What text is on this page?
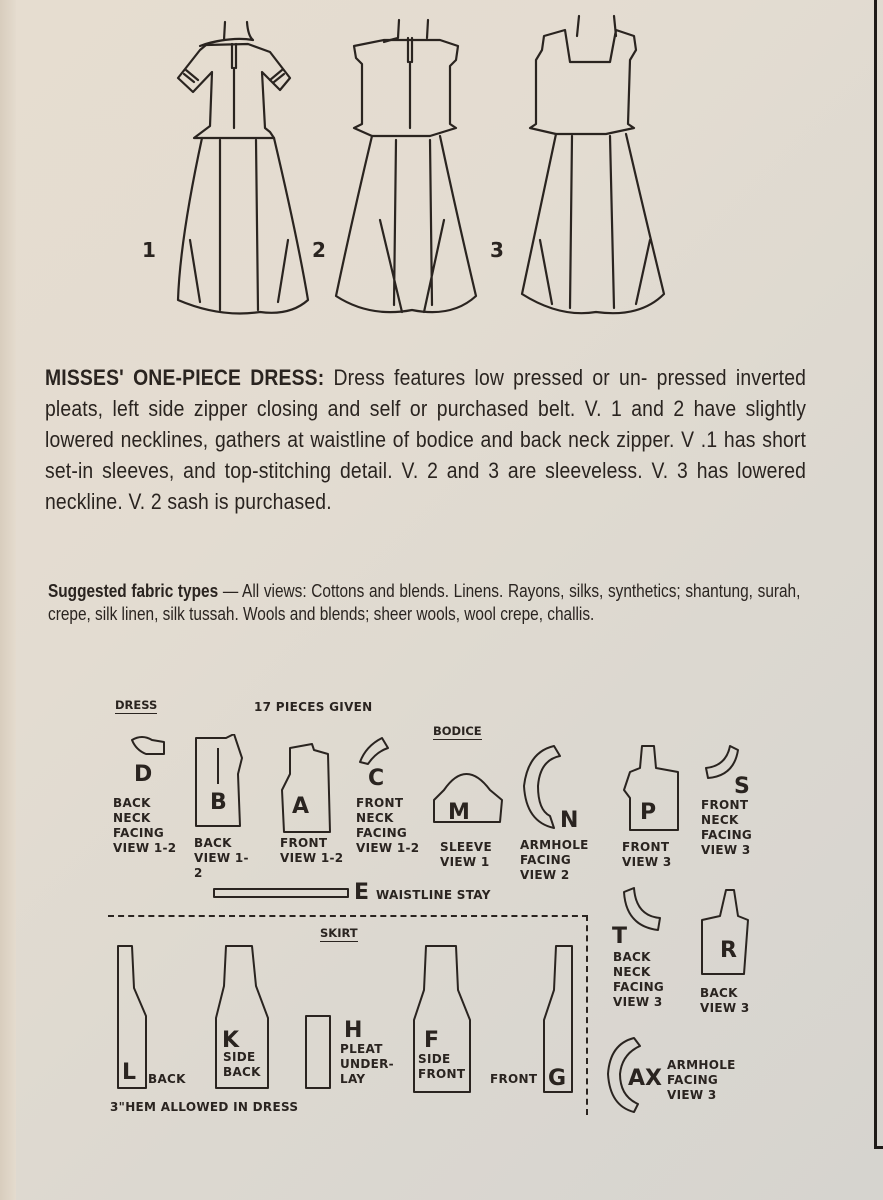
1	2	3
MISSES' ONE-PIECE DRESS: Dress features low pressed or un- pressed inverted pleats, left side zipper closing and self or purchased belt. V. 1 and 2 have slightly lowered necklines, gathers at waistline of bodice and back neck zipper. V .1 has short set-in sleeves, and top-stitching detail. V. 2 and 3 are sleeveless. V. 3 has lowered neckline. V. 2 sash is purchased.
Suggested fabric types — All views: Cottons and blends. Linens. Rayons, silks, synthetics; shantung, surah, crepe, silk linen, silk tussah. Wools and blends; sheer wools, wool crepe, challis.
DRESS	17 PIECES GIVEN
BODICE
D
BACK NECK FACING VIEW 1-2
B
BACK VIEW 1-2
A
FRONT VIEW 1-2
C
FRONT NECK FACING VIEW 1-2
M
SLEEVE VIEW 1
N
ARMHOLE FACING VIEW 2
P
FRONT VIEW 3
S
FRONT NECK FACING VIEW 3
E WAISTLINE STAY
SKIRT	T
BACK NECK FACING VIEW 3
R
BACK VIEW 3
L BACK
K
SIDE BACK
H
PLEAT UNDER- LAY
F
SIDE FRONT	FRONT G	AX
ARMHOLE FACING VIEW 3
3"HEM ALLOWED IN DRESS
